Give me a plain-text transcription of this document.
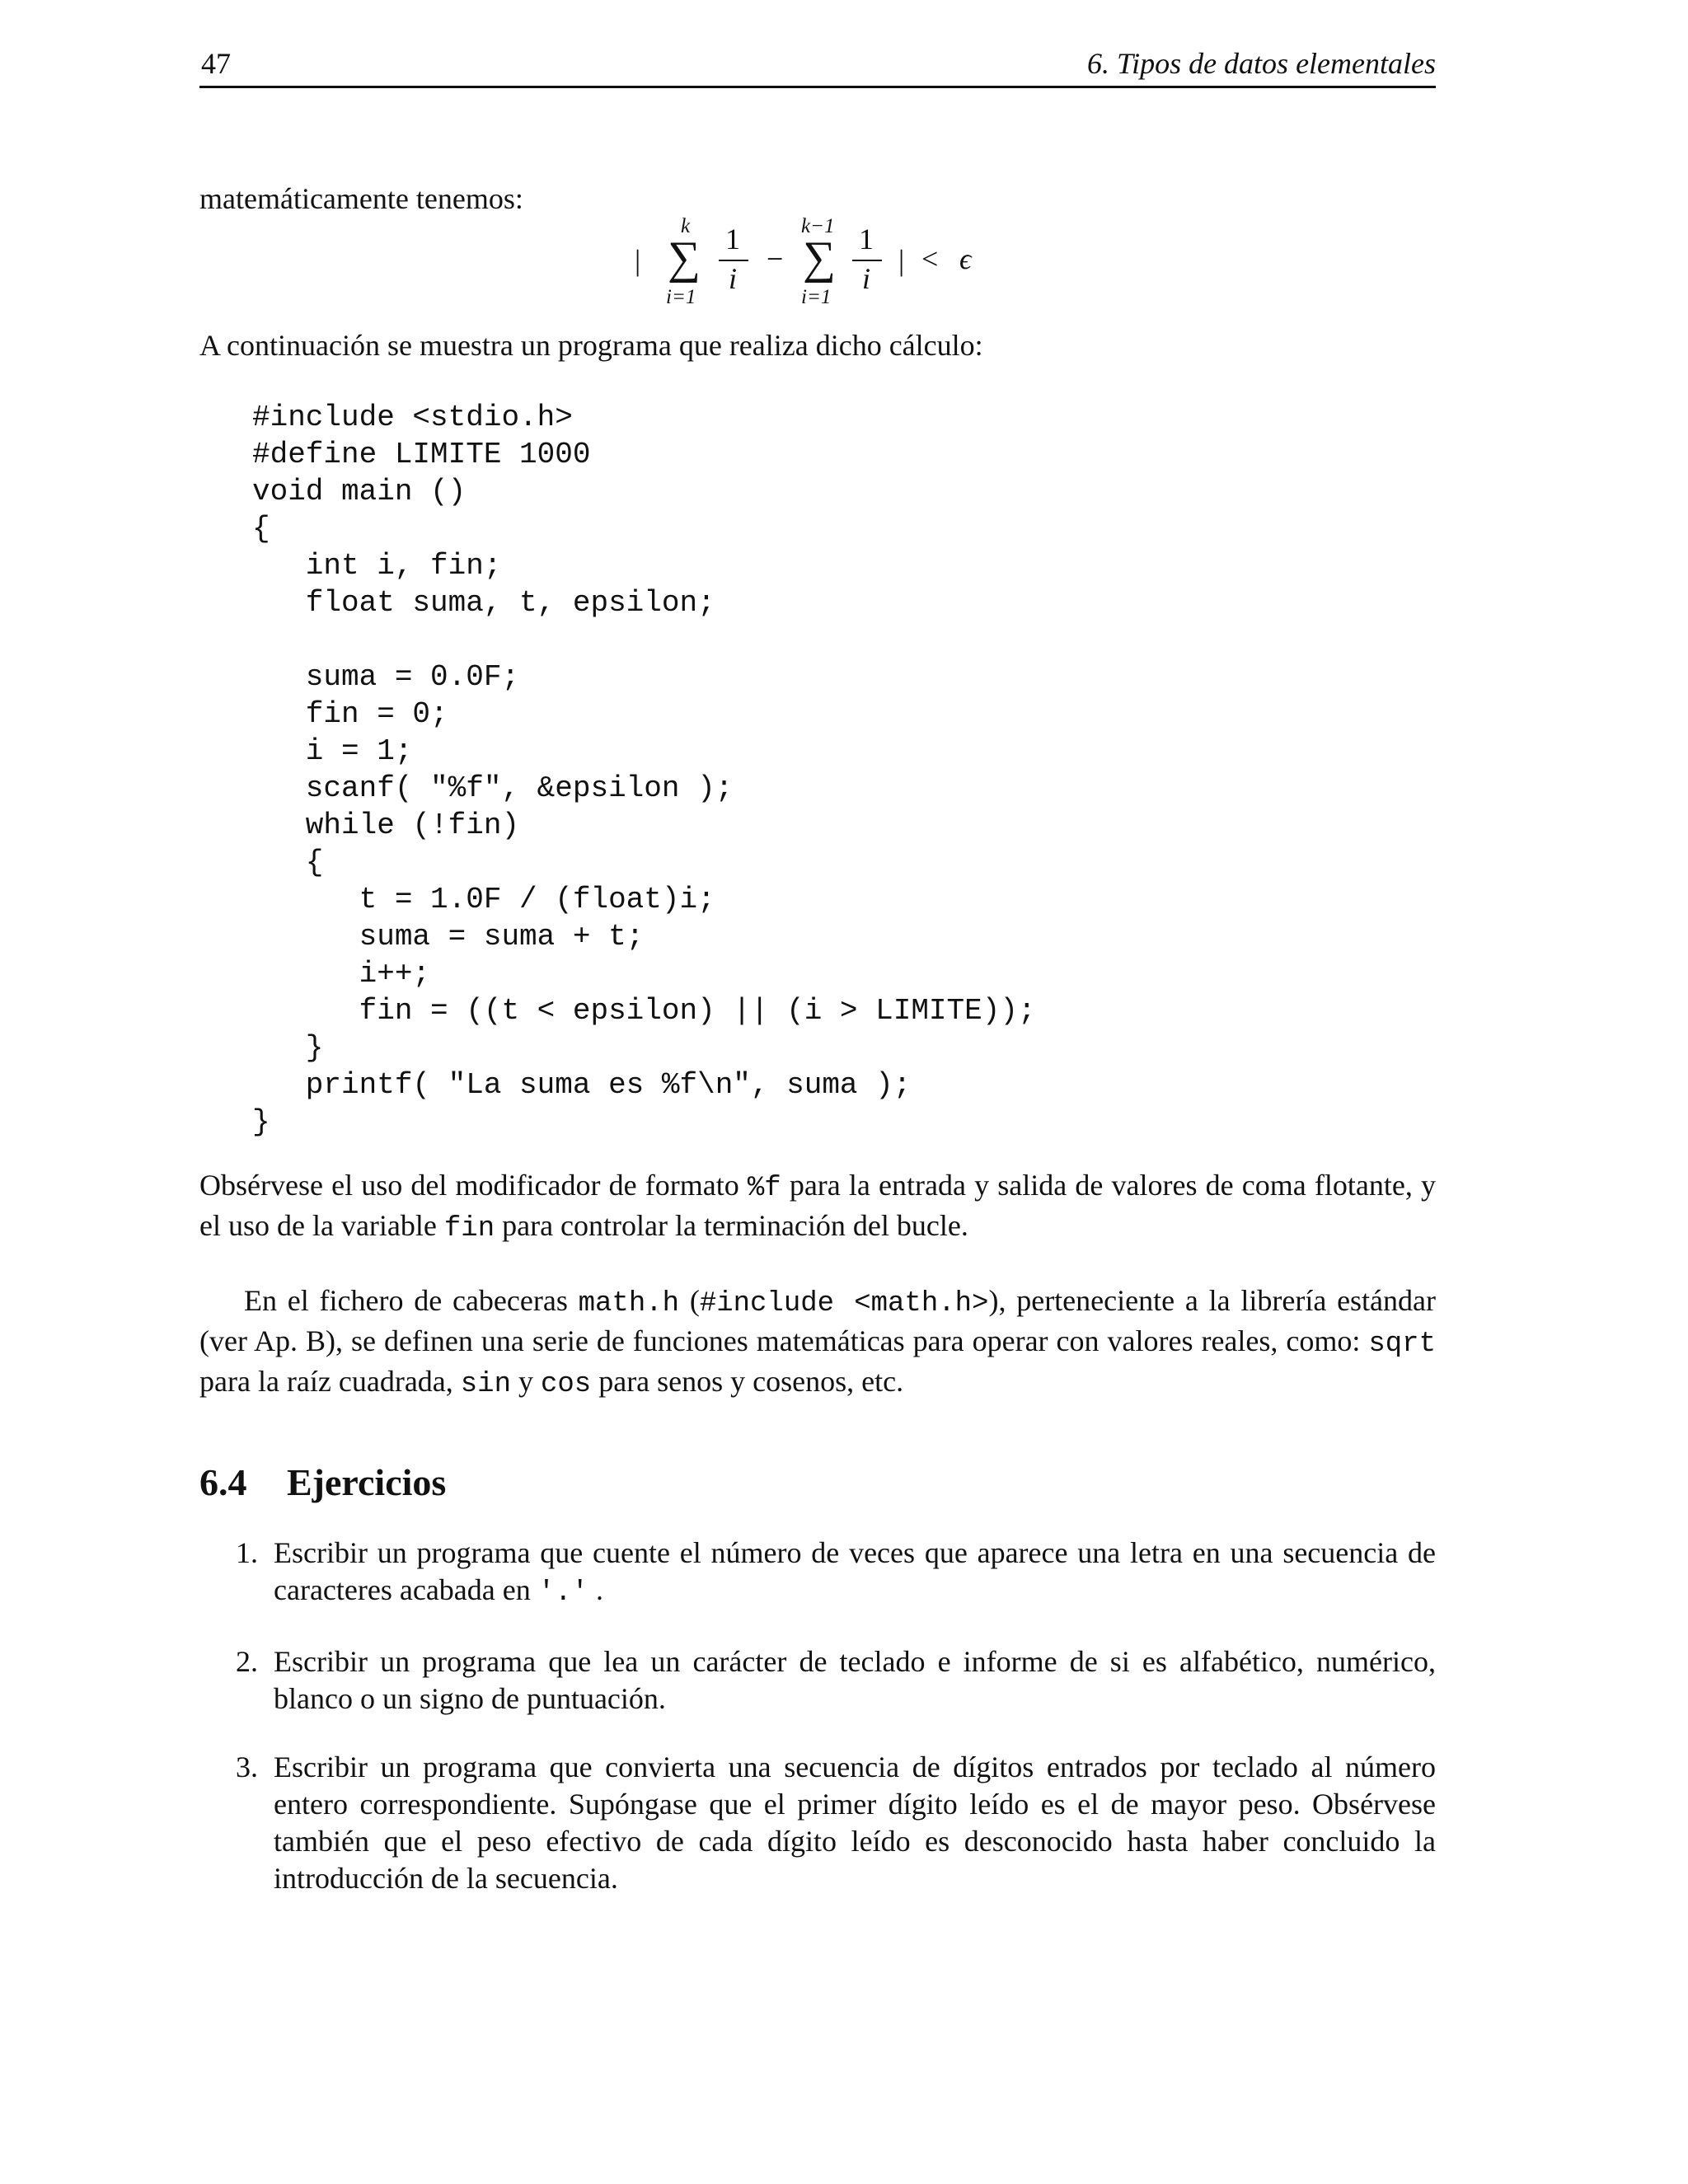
47	6. Tipos de datos elementales

matemáticamente tenemos:

|
k
∑
i=1
1
i
−
k−1
∑
i=1
1
i
| < ϵ

A continuación se muestra un programa que realiza dicho cálculo:

#include <stdio.h>
#define LIMITE 1000
void main ()
{
int i, fin;
float suma, t, epsilon;
suma = 0.0F;
fin = 0;
i = 1;
scanf( "%f", &epsilon );
while (!fin)
{
t = 1.0F / (float)i;
suma = suma + t;
i++;
fin = ((t < epsilon) || (i > LIMITE));
}
printf( "La suma es %f\n", suma );
}

Obsérvese el uso del modificador de formato %f para la entrada y salida de valores de coma flotante, y el uso de la variable fin para controlar la terminación del bucle.

En el fichero de cabeceras math.h (#include <math.h>), perteneciente a la librería estándar (ver Ap. B), se definen una serie de funciones matemáticas para operar con valores reales, como: sqrt para la raíz cuadrada, sin y cos para senos y cosenos, etc.

6.4 Ejercicios
1. Escribir un programa que cuente el número de veces que aparece una letra en una secuencia de caracteres acabada en '.' .
2. Escribir un programa que lea un carácter de teclado e informe de si es alfabético, numérico, blanco o un signo de puntuación.
3. Escribir un programa que convierta una secuencia de dígitos entrados por teclado al número entero correspondiente. Supóngase que el primer dígito leído es el de mayor peso. Obsérvese también que el peso efectivo de cada dígito leído es desconocido hasta haber concluido la introducción de la secuencia.
